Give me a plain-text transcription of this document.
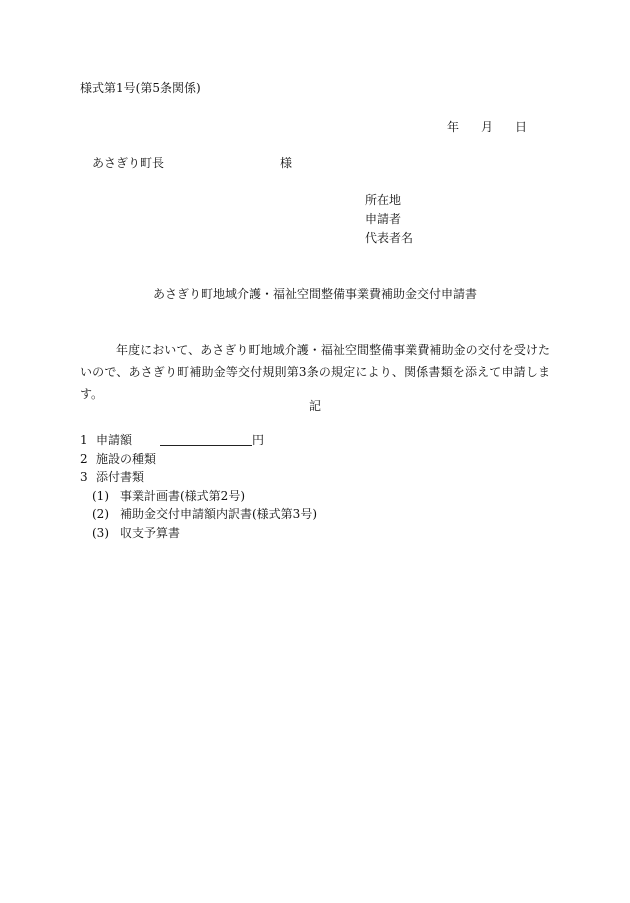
様式第1号(第5条関係)
年 月 日
あさぎり町長	様
所在地
申請者
代表者名
あさぎり町地域介護・福祉空間整備事業費補助金交付申請書
年度において、あさぎり町地域介護・福祉空間整備事業費補助金の交付を受けたいので、あさぎり町補助金等交付規則第3条の規定により、関係書類を添えて申請します。
記
1 申請額	円
2 施設の種類
3 添付書類
(1) 事業計画書(様式第2号)
(2) 補助金交付申請額内訳書(様式第3号)
(3) 収支予算書
